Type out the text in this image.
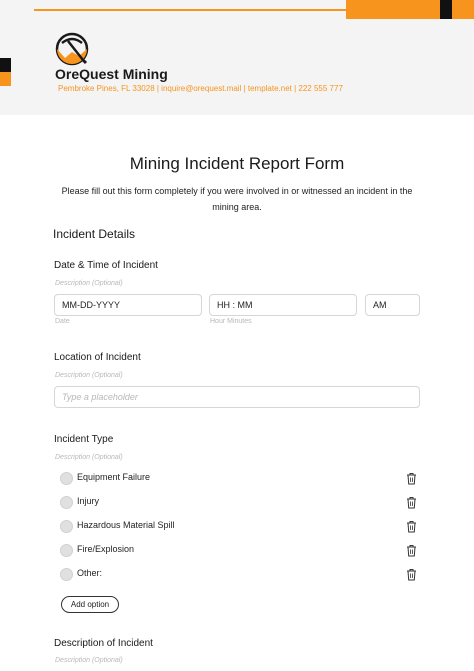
OreQuest Mining
Pembroke Pines, FL 33028 | inquire@orequest.mail | template.net | 222 555 777
Mining Incident Report Form
Please fill out this form completely if you were involved in or witnessed an incident in the mining area.
Incident Details
Date & Time of Incident
Description (Optional)
MM-DD-YYYY
Date
HH : MM
Hour Minutes
AM
Location of Incident
Description (Optional)
Type a placeholder
Incident Type
Description (Optional)
Equipment Failure
Injury
Hazardous Material Spill
Fire/Explosion
Other:
Add option
Description of Incident
Description (Optional)
